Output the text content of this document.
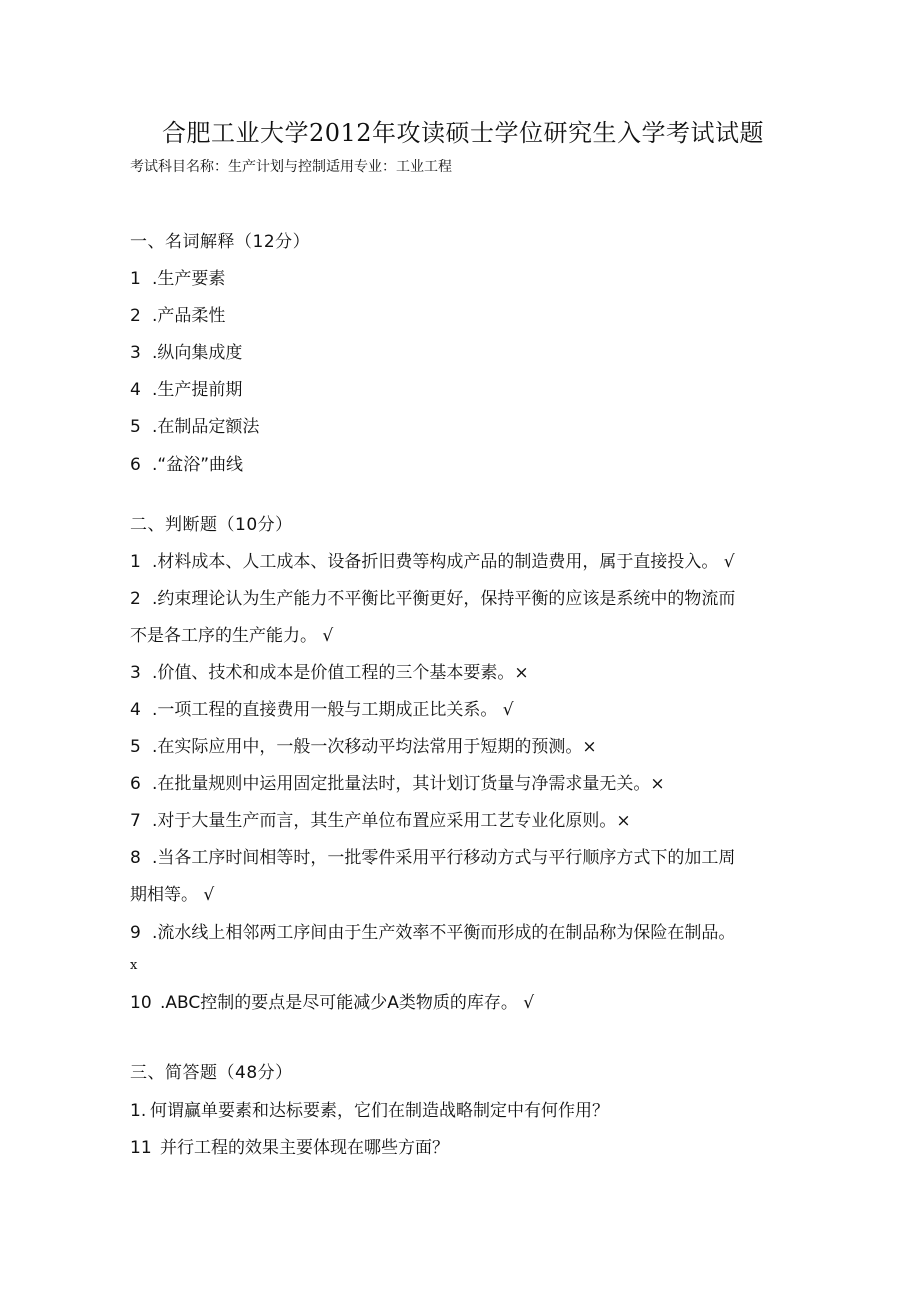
合肥工业大学2012年攻读硕士学位研究生入学考试试题
考试科目名称：生产计划与控制适用专业：工业工程
一、名词解释（12分）
1 .生产要素
2 .产品柔性
3 .纵向集成度
4 .生产提前期
5 .在制品定额法
6 .“盆浴”曲线
二、判断题（10分）
1 .材料成本、人工成本、设备折旧费等构成产品的制造费用，属于直接投入。 √
2 .约束理论认为生产能力不平衡比平衡更好，保持平衡的应该是系统中的物流而
不是各工序的生产能力。 √
3 .价值、技术和成本是价值工程的三个基本要素。×
4 .一项工程的直接费用一般与工期成正比关系。 √
5 .在实际应用中，一般一次移动平均法常用于短期的预测。×
6 .在批量规则中运用固定批量法时，其计划订货量与净需求量无关。×
7 .对于大量生产而言，其生产单位布置应采用工艺专业化原则。×
8 .当各工序时间相等时，一批零件采用平行移动方式与平行顺序方式下的加工周
期相等。 √
9 .流水线上相邻两工序间由于生产效率不平衡而形成的在制品称为保险在制品。
x
10 .ABC控制的要点是尽可能减少A类物质的库存。 √
三、简答题（48分）
1. 何谓赢单要素和达标要素，它们在制造战略制定中有何作用？
11 并行工程的效果主要体现在哪些方面？
